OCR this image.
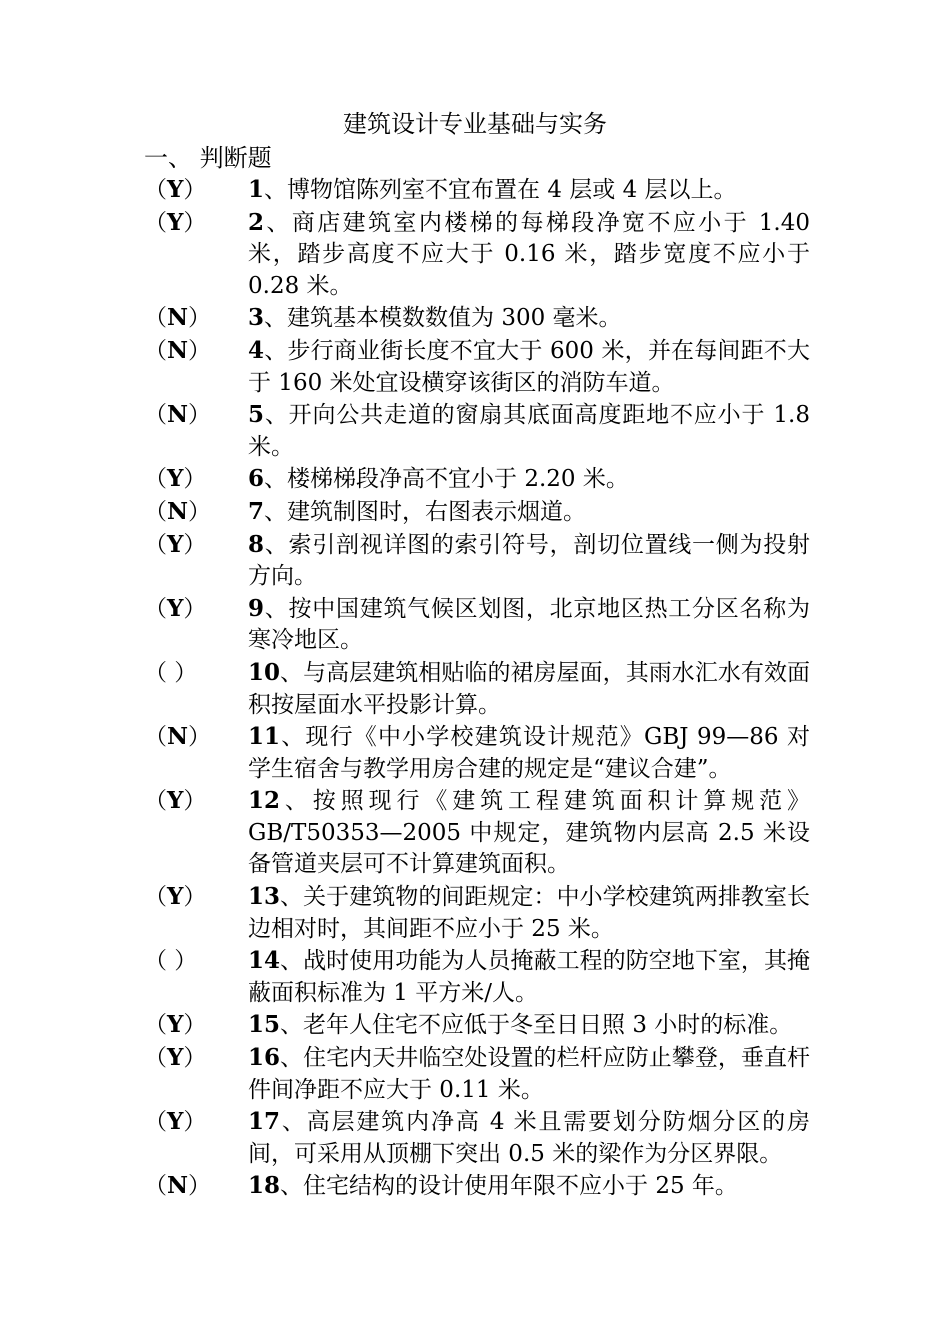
建筑设计专业基础与实务
一、 判断题
（Y）	1、博物馆陈列室不宜布置在 4 层或 4 层以上。
（Y）	2、商店建筑室内楼梯的每梯段净宽不应小于 1.40 米，踏步高度不应大于 0.16 米，踏步宽度不应小于 0.28 米。
（N）	3、建筑基本模数数值为 300 毫米。
（N）	4、步行商业街长度不宜大于 600 米，并在每间距不大于 160 米处宜设横穿该街区的消防车道。
（N）	5、开向公共走道的窗扇其底面高度距地不应小于 1.8 米。
（Y）	6、楼梯梯段净高不宜小于 2.20 米。
（N）	7、建筑制图时，右图表示烟道。
（Y）	8、索引剖视详图的索引符号，剖切位置线一侧为投射方向。
（Y）	9、按中国建筑气候区划图，北京地区热工分区名称为寒冷地区。
（ ）	10、与高层建筑相贴临的裙房屋面，其雨水汇水有效面积按屋面水平投影计算。
（N）	11、现行《中小学校建筑设计规范》GBJ 99—86 对学生宿舍与教学用房合建的规定是“建议合建”。
（Y）	12、按照现行《建筑工程建筑面积计算规范》GB/T50353—2005 中规定，建筑物内层高 2.5 米设备管道夹层可不计算建筑面积。
（Y）	13、关于建筑物的间距规定：中小学校建筑两排教室长边相对时，其间距不应小于 25 米。
（ ）	14、战时使用功能为人员掩蔽工程的防空地下室，其掩蔽面积标准为 1 平方米/人。
（Y）	15、老年人住宅不应低于冬至日日照 3 小时的标准。
（Y）	16、住宅内天井临空处设置的栏杆应防止攀登，垂直杆件间净距不应大于 0.11 米。
（Y）	17、高层建筑内净高 4 米且需要划分防烟分区的房间，可采用从顶棚下突出 0.5 米的梁作为分区界限。
（N）	18、住宅结构的设计使用年限不应小于 25 年。
